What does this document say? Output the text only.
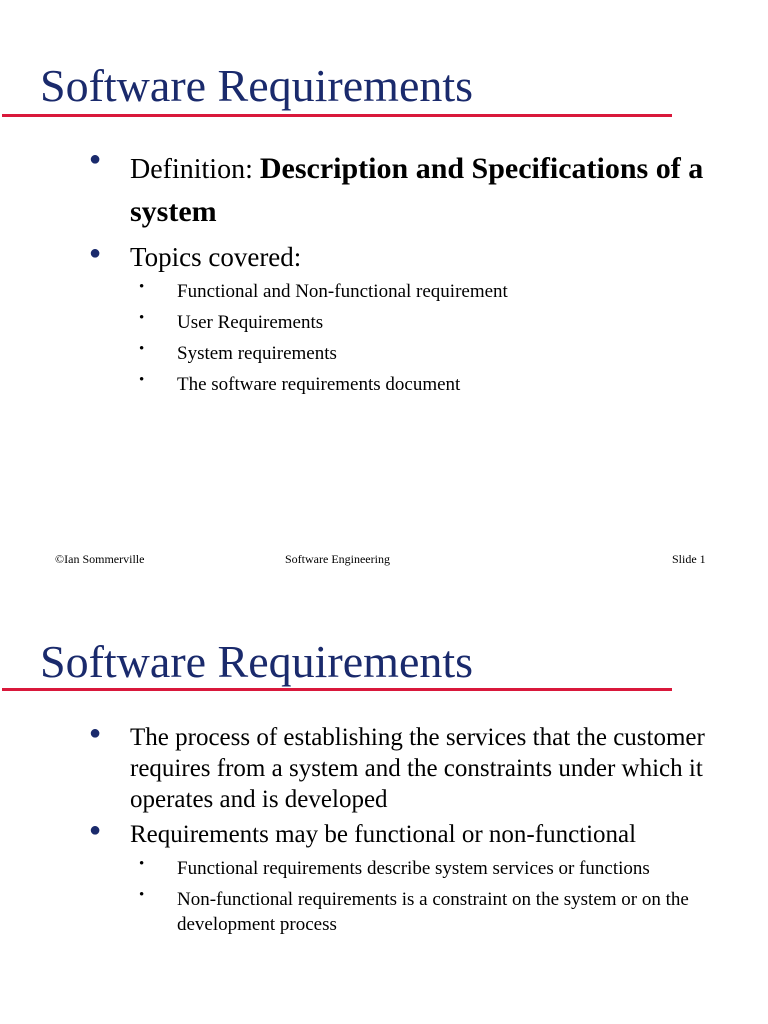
Software Requirements
● Definition: Description and Specifications of a system
● Topics covered:
• Functional and Non-functional requirement
• User Requirements
• System requirements
• The software requirements document
©Ian Sommerville	Software Engineering	Slide 1
Software Requirements
● The process of establishing the services that the customer requires from a system and the constraints under which it operates and is developed
● Requirements may be functional or non-functional
• Functional requirements describe system services or functions
• Non-functional requirements is a constraint on the system or on the development process
